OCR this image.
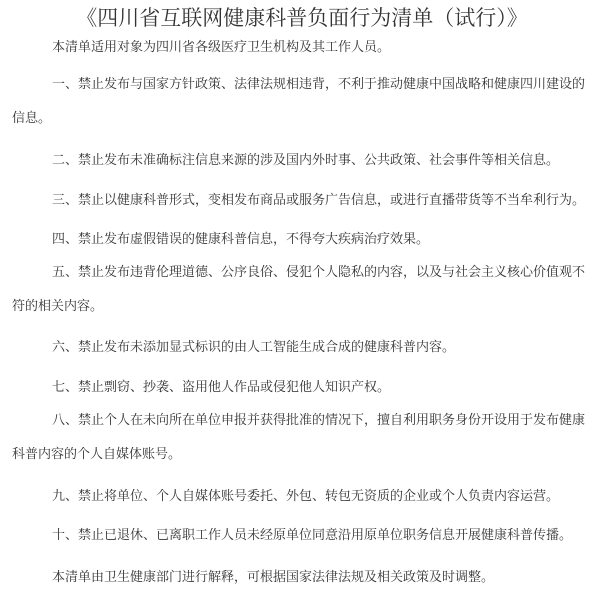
《四川省互联网健康科普负面行为清单（试行）》

本清单适用对象为四川省各级医疗卫生机构及其工作人员。

一、禁止发布与国家方针政策、法律法规相违背，不利于推动健康中国战略和健康四川建设的信息。

二、禁止发布未准确标注信息来源的涉及国内外时事、公共政策、社会事件等相关信息。

三、禁止以健康科普形式，变相发布商品或服务广告信息，或进行直播带货等不当牟利行为。

四、禁止发布虚假错误的健康科普信息，不得夸大疾病治疗效果。

五、禁止发布违背伦理道德、公序良俗、侵犯个人隐私的内容，以及与社会主义核心价值观不符的相关内容。

六、禁止发布未添加显式标识的由人工智能生成合成的健康科普内容。

七、禁止剽窃、抄袭、盗用他人作品或侵犯他人知识产权。

八、禁止个人在未向所在单位申报并获得批准的情况下，擅自利用职务身份开设用于发布健康科普内容的个人自媒体账号。

九、禁止将单位、个人自媒体账号委托、外包、转包无资质的企业或个人负责内容运营。

十、禁止已退休、已离职工作人员未经原单位同意沿用原单位职务信息开展健康科普传播。

本清单由卫生健康部门进行解释，可根据国家法律法规及相关政策及时调整。
